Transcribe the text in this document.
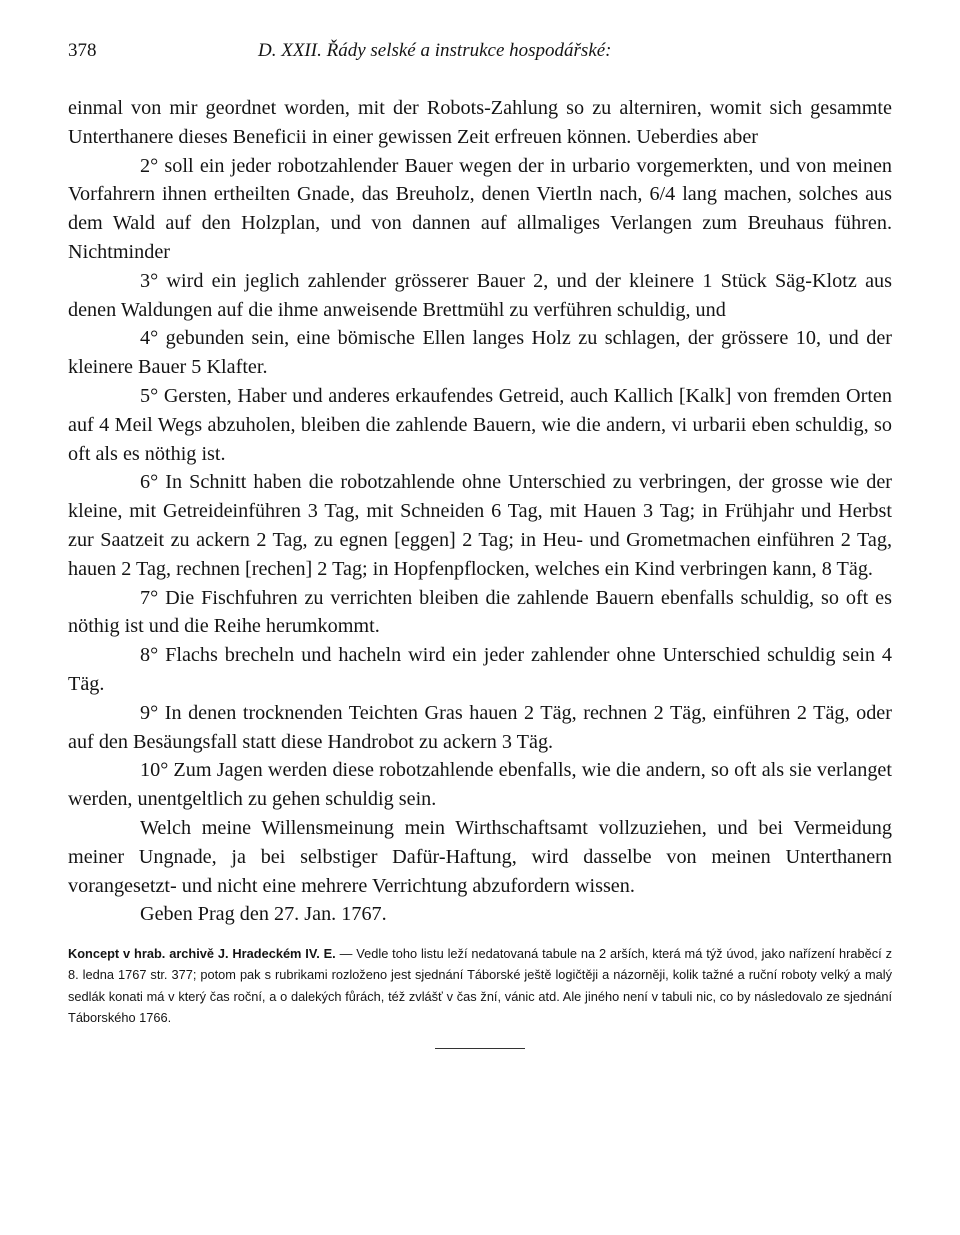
378	D. XXII. Řády selské a instrukce hospodářské:

einmal von mir geordnet worden, mit der Robots-Zahlung so zu alterniren, womit sich gesammte Unterthanere dieses Beneficii in einer gewissen Zeit erfreuen können. Ueberdies aber

2° soll ein jeder robotzahlender Bauer wegen der in urbario vorgemerkten, und von meinen Vorfahrern ihnen ertheilten Gnade, das Breuholz, denen Viertln nach, 6/4 lang machen, solches aus dem Wald auf den Holzplan, und von dannen auf allmaliges Verlangen zum Breuhaus führen. Nichtminder

3° wird ein jeglich zahlender grösserer Bauer 2, und der kleinere 1 Stück Säg-Klotz aus denen Waldungen auf die ihme anweisende Brettmühl zu verführen schuldig, und

4° gebunden sein, eine bömische Ellen langes Holz zu schlagen, der grössere 10, und der kleinere Bauer 5 Klafter.

5° Gersten, Haber und anderes erkaufendes Getreid, auch Kallich [Kalk] von fremden Orten auf 4 Meil Wegs abzuholen, bleiben die zahlende Bauern, wie die andern, vi urbarii eben schuldig, so oft als es nöthig ist.

6° In Schnitt haben die robotzahlende ohne Unterschied zu verbringen, der grosse wie der kleine, mit Getreideinführen 3 Tag, mit Schneiden 6 Tag, mit Hauen 3 Tag; in Frühjahr und Herbst zur Saatzeit zu ackern 2 Tag, zu egnen [eggen] 2 Tag; in Heu- und Grometmachen einführen 2 Tag, hauen 2 Tag, rechnen [rechen] 2 Tag; in Hopfenpflocken, welches ein Kind verbringen kann, 8 Täg.

7° Die Fischfuhren zu verrichten bleiben die zahlende Bauern ebenfalls schuldig, so oft es nöthig ist und die Reihe herumkommt.

8° Flachs brecheln und hacheln wird ein jeder zahlender ohne Unterschied schuldig sein 4 Täg.

9° In denen trocknenden Teichten Gras hauen 2 Täg, rechnen 2 Täg, einführen 2 Täg, oder auf den Besäungsfall statt diese Handrobot zu ackern 3 Täg.

10° Zum Jagen werden diese robotzahlende ebenfalls, wie die andern, so oft als sie verlanget werden, unentgeltlich zu gehen schuldig sein.

Welch meine Willensmeinung mein Wirthschaftsamt vollzuziehen, und bei Vermeidung meiner Ungnade, ja bei selbstiger Dafür-Haftung, wird dasselbe von meinen Unterthanern vorangesetzt- und nicht eine mehrere Verrichtung abzufordern wissen.

Geben Prag den 27. Jan. 1767.

Koncept v hrab. archivě J. Hradeckém IV. E. — Vedle toho listu leží nedatovaná tabule na 2 arších, která má týž úvod, jako nařízení hraběcí z 8. ledna 1767 str. 377; potom pak s rubrikami rozloženo jest sjednání Táborské ještě logičtěji a názorněji, kolik tažné a ruční roboty velký a malý sedlák konati má v který čas roční, a o dalekých fůrách, též zvlášť v čas žní, vánic atd. Ale jiného není v tabuli nic, co by následovalo ze sjednání Táborského 1766.
